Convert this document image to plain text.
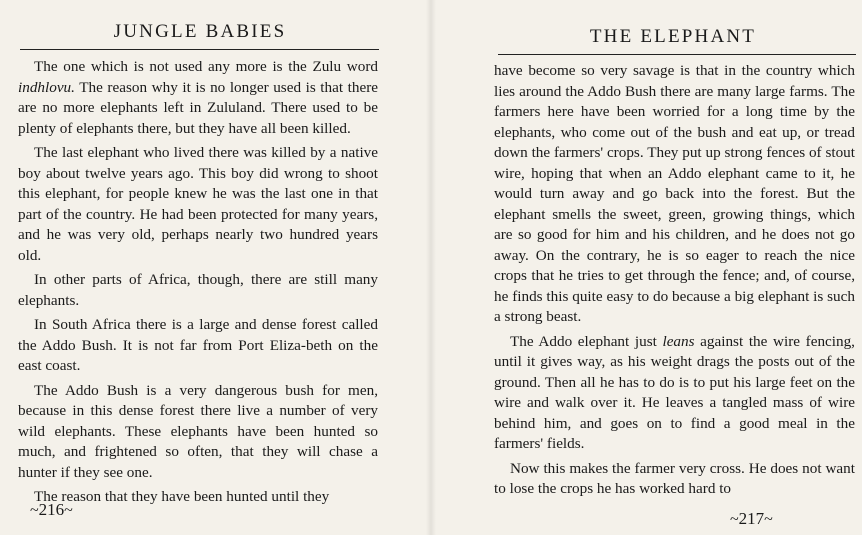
JUNGLE BABIES

The one which is not used any more is the Zulu word indhlovu. The reason why it is no longer used is that there are no more elephants left in Zululand. There used to be plenty of elephants there, but they have all been killed.

The last elephant who lived there was killed by a native boy about twelve years ago. This boy did wrong to shoot this elephant, for people knew he was the last one in that part of the country. He had been protected for many years, and he was very old, perhaps nearly two hundred years old.

In other parts of Africa, though, there are still many elephants.

In South Africa there is a large and dense forest called the Addo Bush. It is not far from Port Eliza-beth on the east coast.

The Addo Bush is a very dangerous bush for men, because in this dense forest there live a number of very wild elephants. These elephants have been hunted so much, and frightened so often, that they will chase a hunter if they see one.

The reason that they have been hunted until they

~216~
THE ELEPHANT

have become so very savage is that in the country which lies around the Addo Bush there are many large farms. The farmers here have been worried for a long time by the elephants, who come out of the bush and eat up, or tread down the farmers' crops. They put up strong fences of stout wire, hoping that when an Addo elephant came to it, he would turn away and go back into the forest. But the elephant smells the sweet, green, growing things, which are so good for him and his children, and he does not go away. On the contrary, he is so eager to reach the nice crops that he tries to get through the fence; and, of course, he finds this quite easy to do because a big elephant is such a strong beast.

The Addo elephant just leans against the wire fencing, until it gives way, as his weight drags the posts out of the ground. Then all he has to do is to put his large feet on the wire and walk over it. He leaves a tangled mass of wire behind him, and goes on to find a good meal in the farmers' fields.

Now this makes the farmer very cross. He does not want to lose the crops he has worked hard to

~217~
